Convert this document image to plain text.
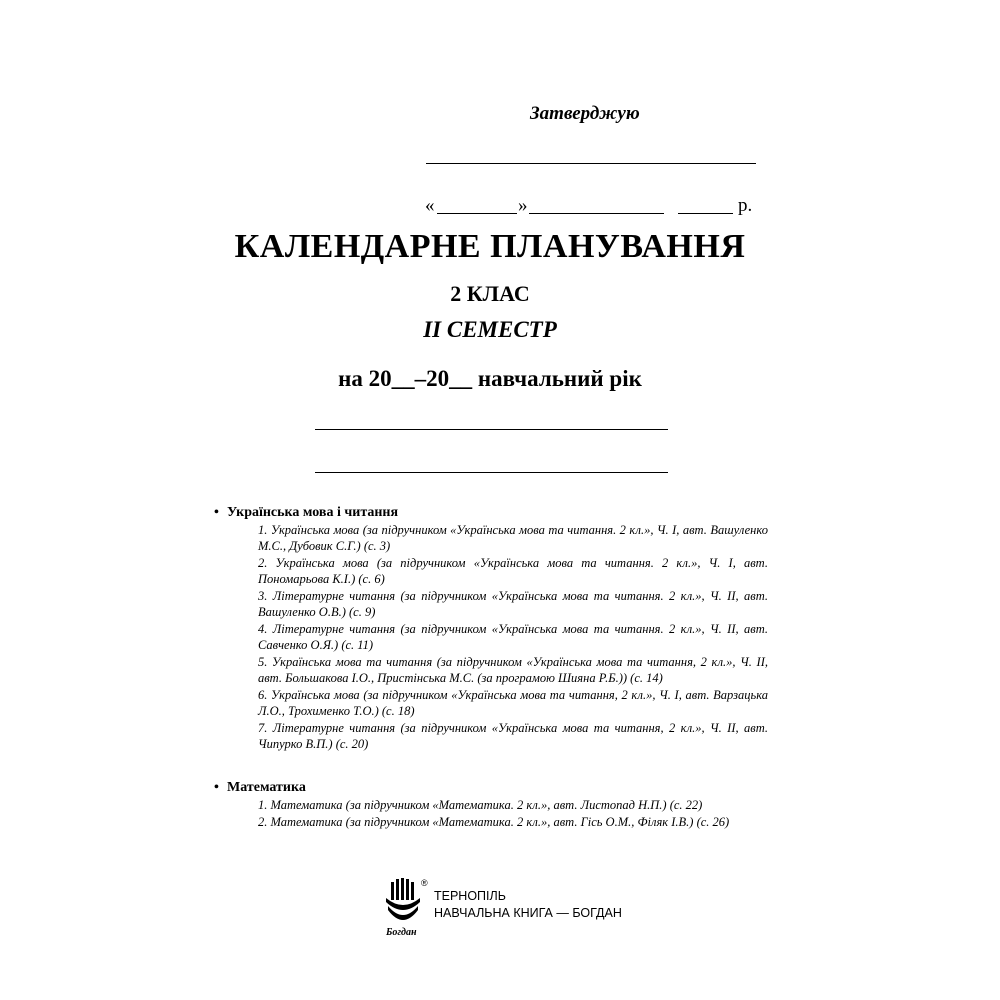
Затверджую
«	»	р.
КАЛЕНДАРНЕ ПЛАНУВАННЯ
2 КЛАС
ІІ СЕМЕСТР
на 20__–20__ навчальний рік
• Українська мова і читання
1. Українська мова (за підручником «Українська мова та читання. 2 кл.», Ч. І, авт. Вашуленко М.С., Дубовик С.Г.) (с. 3)
2. Українська мова (за підручником «Українська мова та читання. 2 кл.», Ч. І, авт. Пономарьова К.І.) (с. 6)
3. Літературне читання (за підручником «Українська мова та читання. 2 кл.», Ч. ІІ, авт. Вашуленко О.В.) (с. 9)
4. Літературне читання (за підручником «Українська мова та читання. 2 кл.», Ч. ІІ, авт. Савченко О.Я.) (с. 11)
5. Українська мова та читання (за підручником «Українська мова та читання, 2 кл.», Ч. ІІ, авт. Большакова І.О., Пристінська М.С. (за програмою Шияна Р.Б.)) (с. 14)
6. Українська мова (за підручником «Українська мова та читання, 2 кл.», Ч. І, авт. Варзацька Л.О., Трохименко Т.О.) (с. 18)
7. Літературне читання (за підручником «Українська мова та читання, 2 кл.», Ч. ІІ, авт. Чипурко В.П.) (с. 20)
• Математика
1. Математика (за підручником «Математика. 2 кл.», авт. Листопад Н.П.) (с. 22)
2. Математика (за підручником «Математика. 2 кл.», авт. Гісь О.М., Філяк І.В.) (с. 26)
®
Богдан
ТЕРНОПІЛЬ
НАВЧАЛЬНА КНИГА — БОГДАН
